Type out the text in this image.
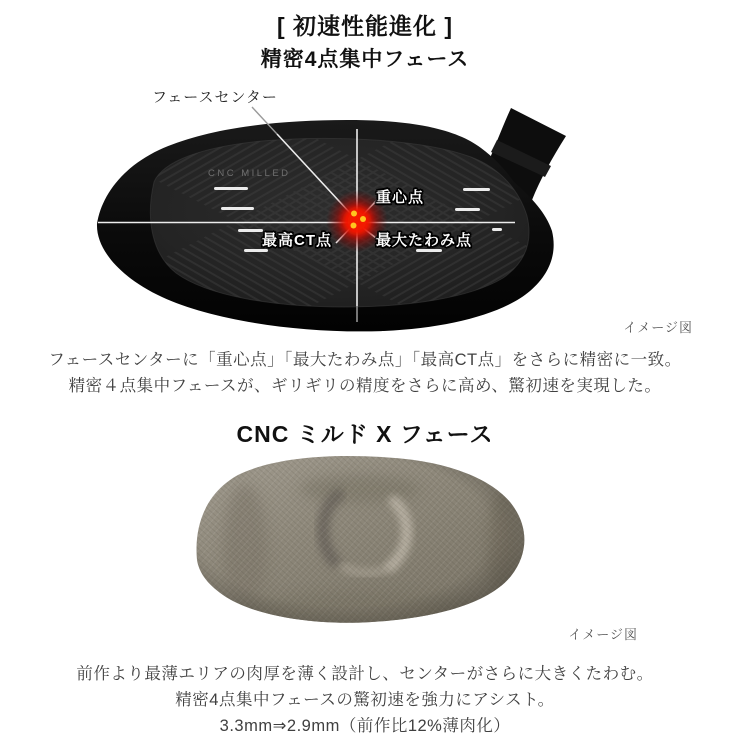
CNC MILLED
[ 初速性能進化 ]
精密4点集中フェース
フェースセンター
重心点
最高CT点	最大たわみ点
イメージ図
フェースセンターに「重心点」「最大たわみ点」「最高CT点」をさらに精密に一致。
精密４点集中フェースが、ギリギリの精度をさらに高め、驚初速を実現した。
CNC ミルド X フェース
イメージ図
前作より最薄エリアの肉厚を薄く設計し、センターがさらに大きくたわむ。
精密4点集中フェースの驚初速を強力にアシスト。
3.3mm⇒2.9mm（前作比12%薄肉化）
